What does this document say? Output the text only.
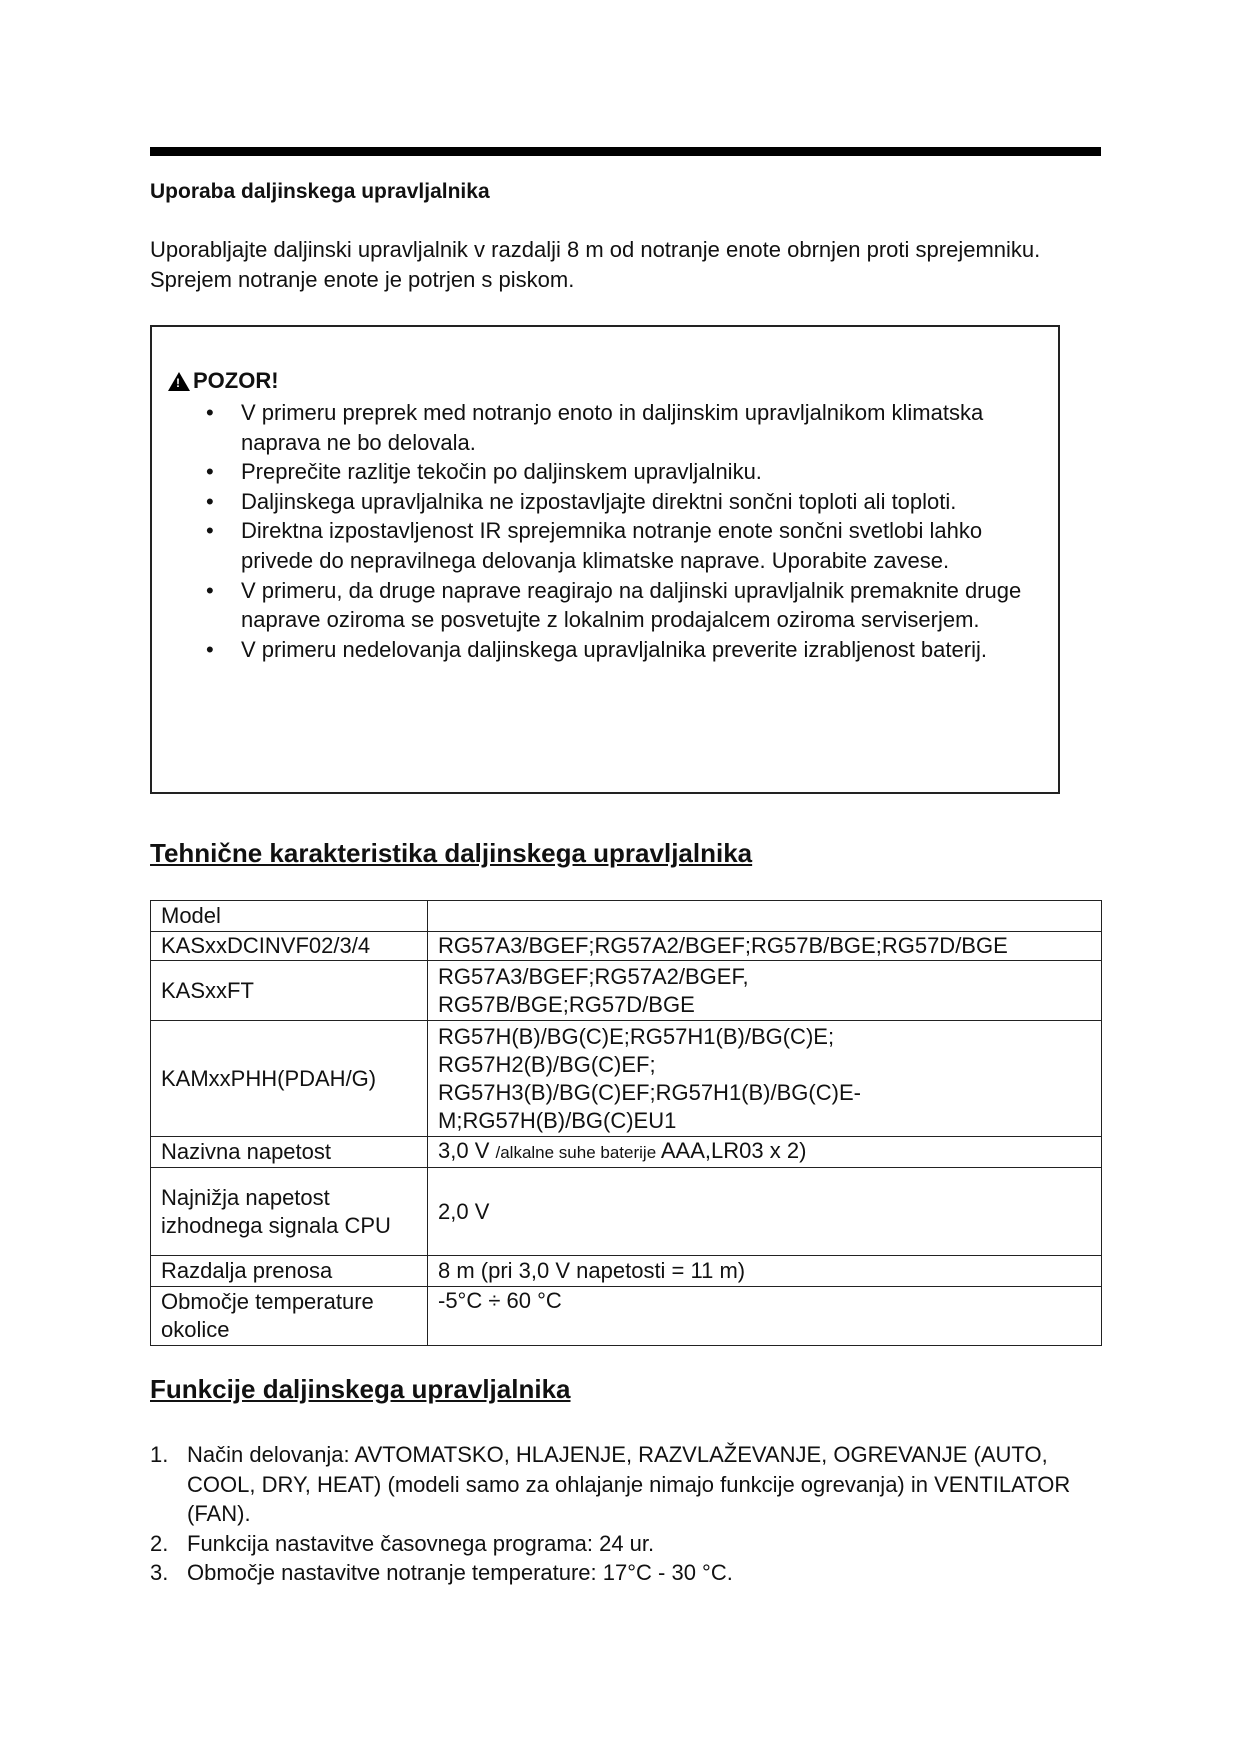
Uporaba daljinskega upravljalnika
Uporabljajte daljinski upravljalnik v razdalji 8 m od notranje enote obrnjen proti sprejemniku. Sprejem notranje enote je potrjen s piskom.
! POZOR!
• V primeru preprek med notranjo enoto in daljinskim upravljalnikom klimatska naprava ne bo delovala.
• Preprečite razlitje tekočin po daljinskem upravljalniku.
• Daljinskega upravljalnika ne izpostavljajte direktni sončni toploti ali toploti.
• Direktna izpostavljenost IR sprejemnika notranje enote sončni svetlobi lahko privede do nepravilnega delovanja klimatske naprave. Uporabite zavese.
• V primeru, da druge naprave reagirajo na daljinski upravljalnik premaknite druge naprave oziroma se posvetujte z lokalnim prodajalcem oziroma serviserjem.
• V primeru nedelovanja daljinskega upravljalnika preverite izrabljenost baterij.
Tehnične karakteristika daljinskega upravljalnika
Model	
KASxxDCINVF02/3/4	RG57A3/BGEF;RG57A2/BGEF;RG57B/BGE;RG57D/BGE
KASxxFT	RG57A3/BGEF;RG57A2/BGEF,
RG57B/BGE;RG57D/BGE

KAMxxPHH(PDAH/G)	RG57H(B)/BG(C)E;RG57H1(B)/BG(C)E;
RG57H2(B)/BG(C)EF;
RG57H3(B)/BG(C)EF;RG57H1(B)/BG(C)E-
M;RG57H(B)/BG(C)EU1

Nazivna napetost	3,0 V /alkalne suhe baterije AAA,LR03 x 2)
Najnižja napetost izhodnega signala CPU	2,0 V
Razdalja prenosa	8 m (pri 3,0 V napetosti = 11 m)
Območje temperature okolice	-5°C ÷ 60 °C
Funkcije daljinskega upravljalnika
1. Način delovanja: AVTOMATSKO, HLAJENJE, RAZVLAŽEVANJE, OGREVANJE (AUTO, COOL, DRY, HEAT) (modeli samo za ohlajanje nimajo funkcije ogrevanja) in VENTILATOR (FAN).
2. Funkcija nastavitve časovnega programa: 24 ur.
3. Območje nastavitve notranje temperature: 17°C - 30 °C.
